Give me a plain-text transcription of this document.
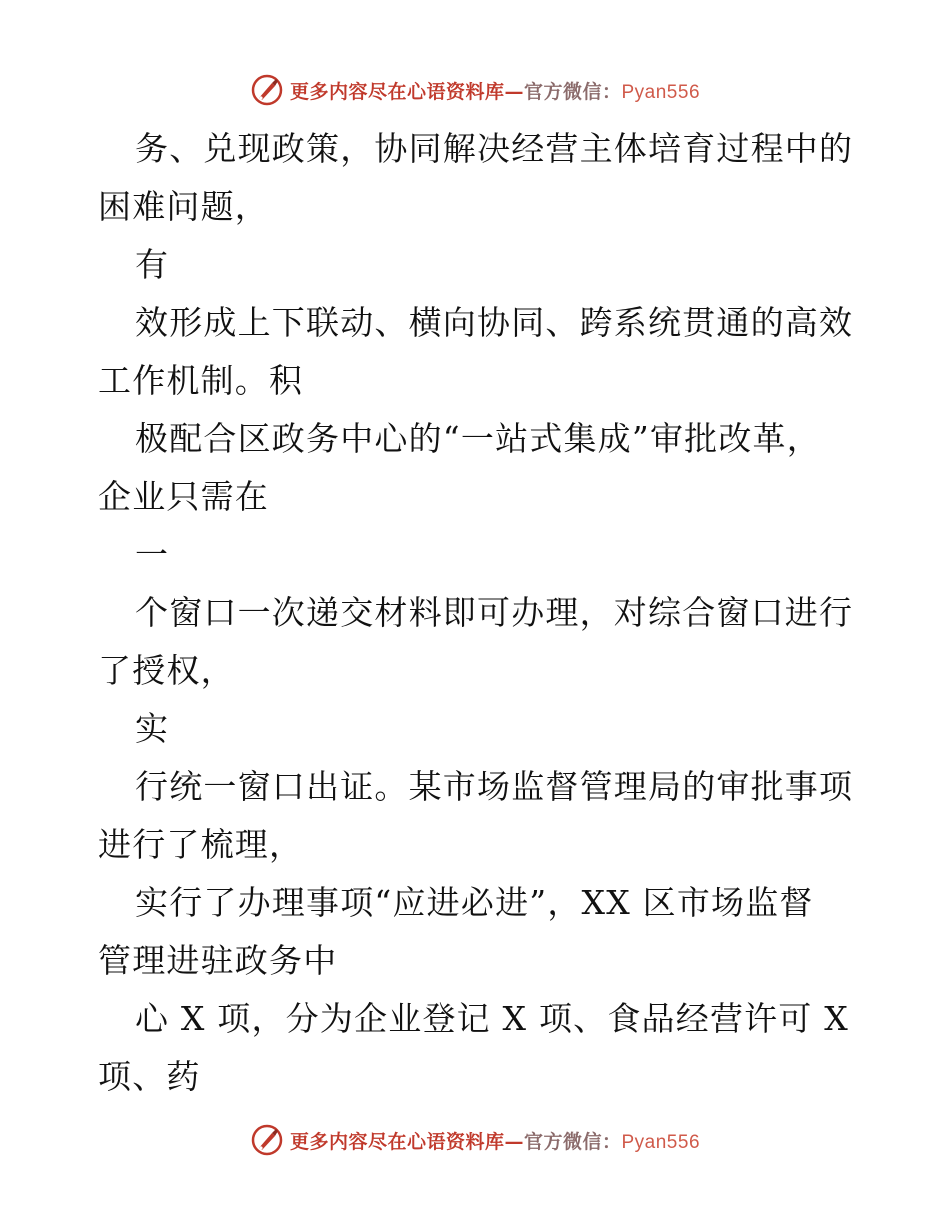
更多内容尽在心语资料库—官方微信：Pyan556
务、兑现政策，协同解决经营主体培育过程中的
困难问题，
有
效形成上下联动、横向协同、跨系统贯通的高效
工作机制。积
极配合区政务中心的“一站式集成”审批改革，
企业只需在
一
个窗口一次递交材料即可办理，对综合窗口进行
了授权，
实
行统一窗口出证。某市场监督管理局的审批事项
进行了梳理，
实行了办理事项“应进必进”，XX 区市场监督
管理进驻政务中
心 X 项，分为企业登记 X 项、食品经营许可 X
项、药
更多内容尽在心语资料库—官方微信：Pyan556
